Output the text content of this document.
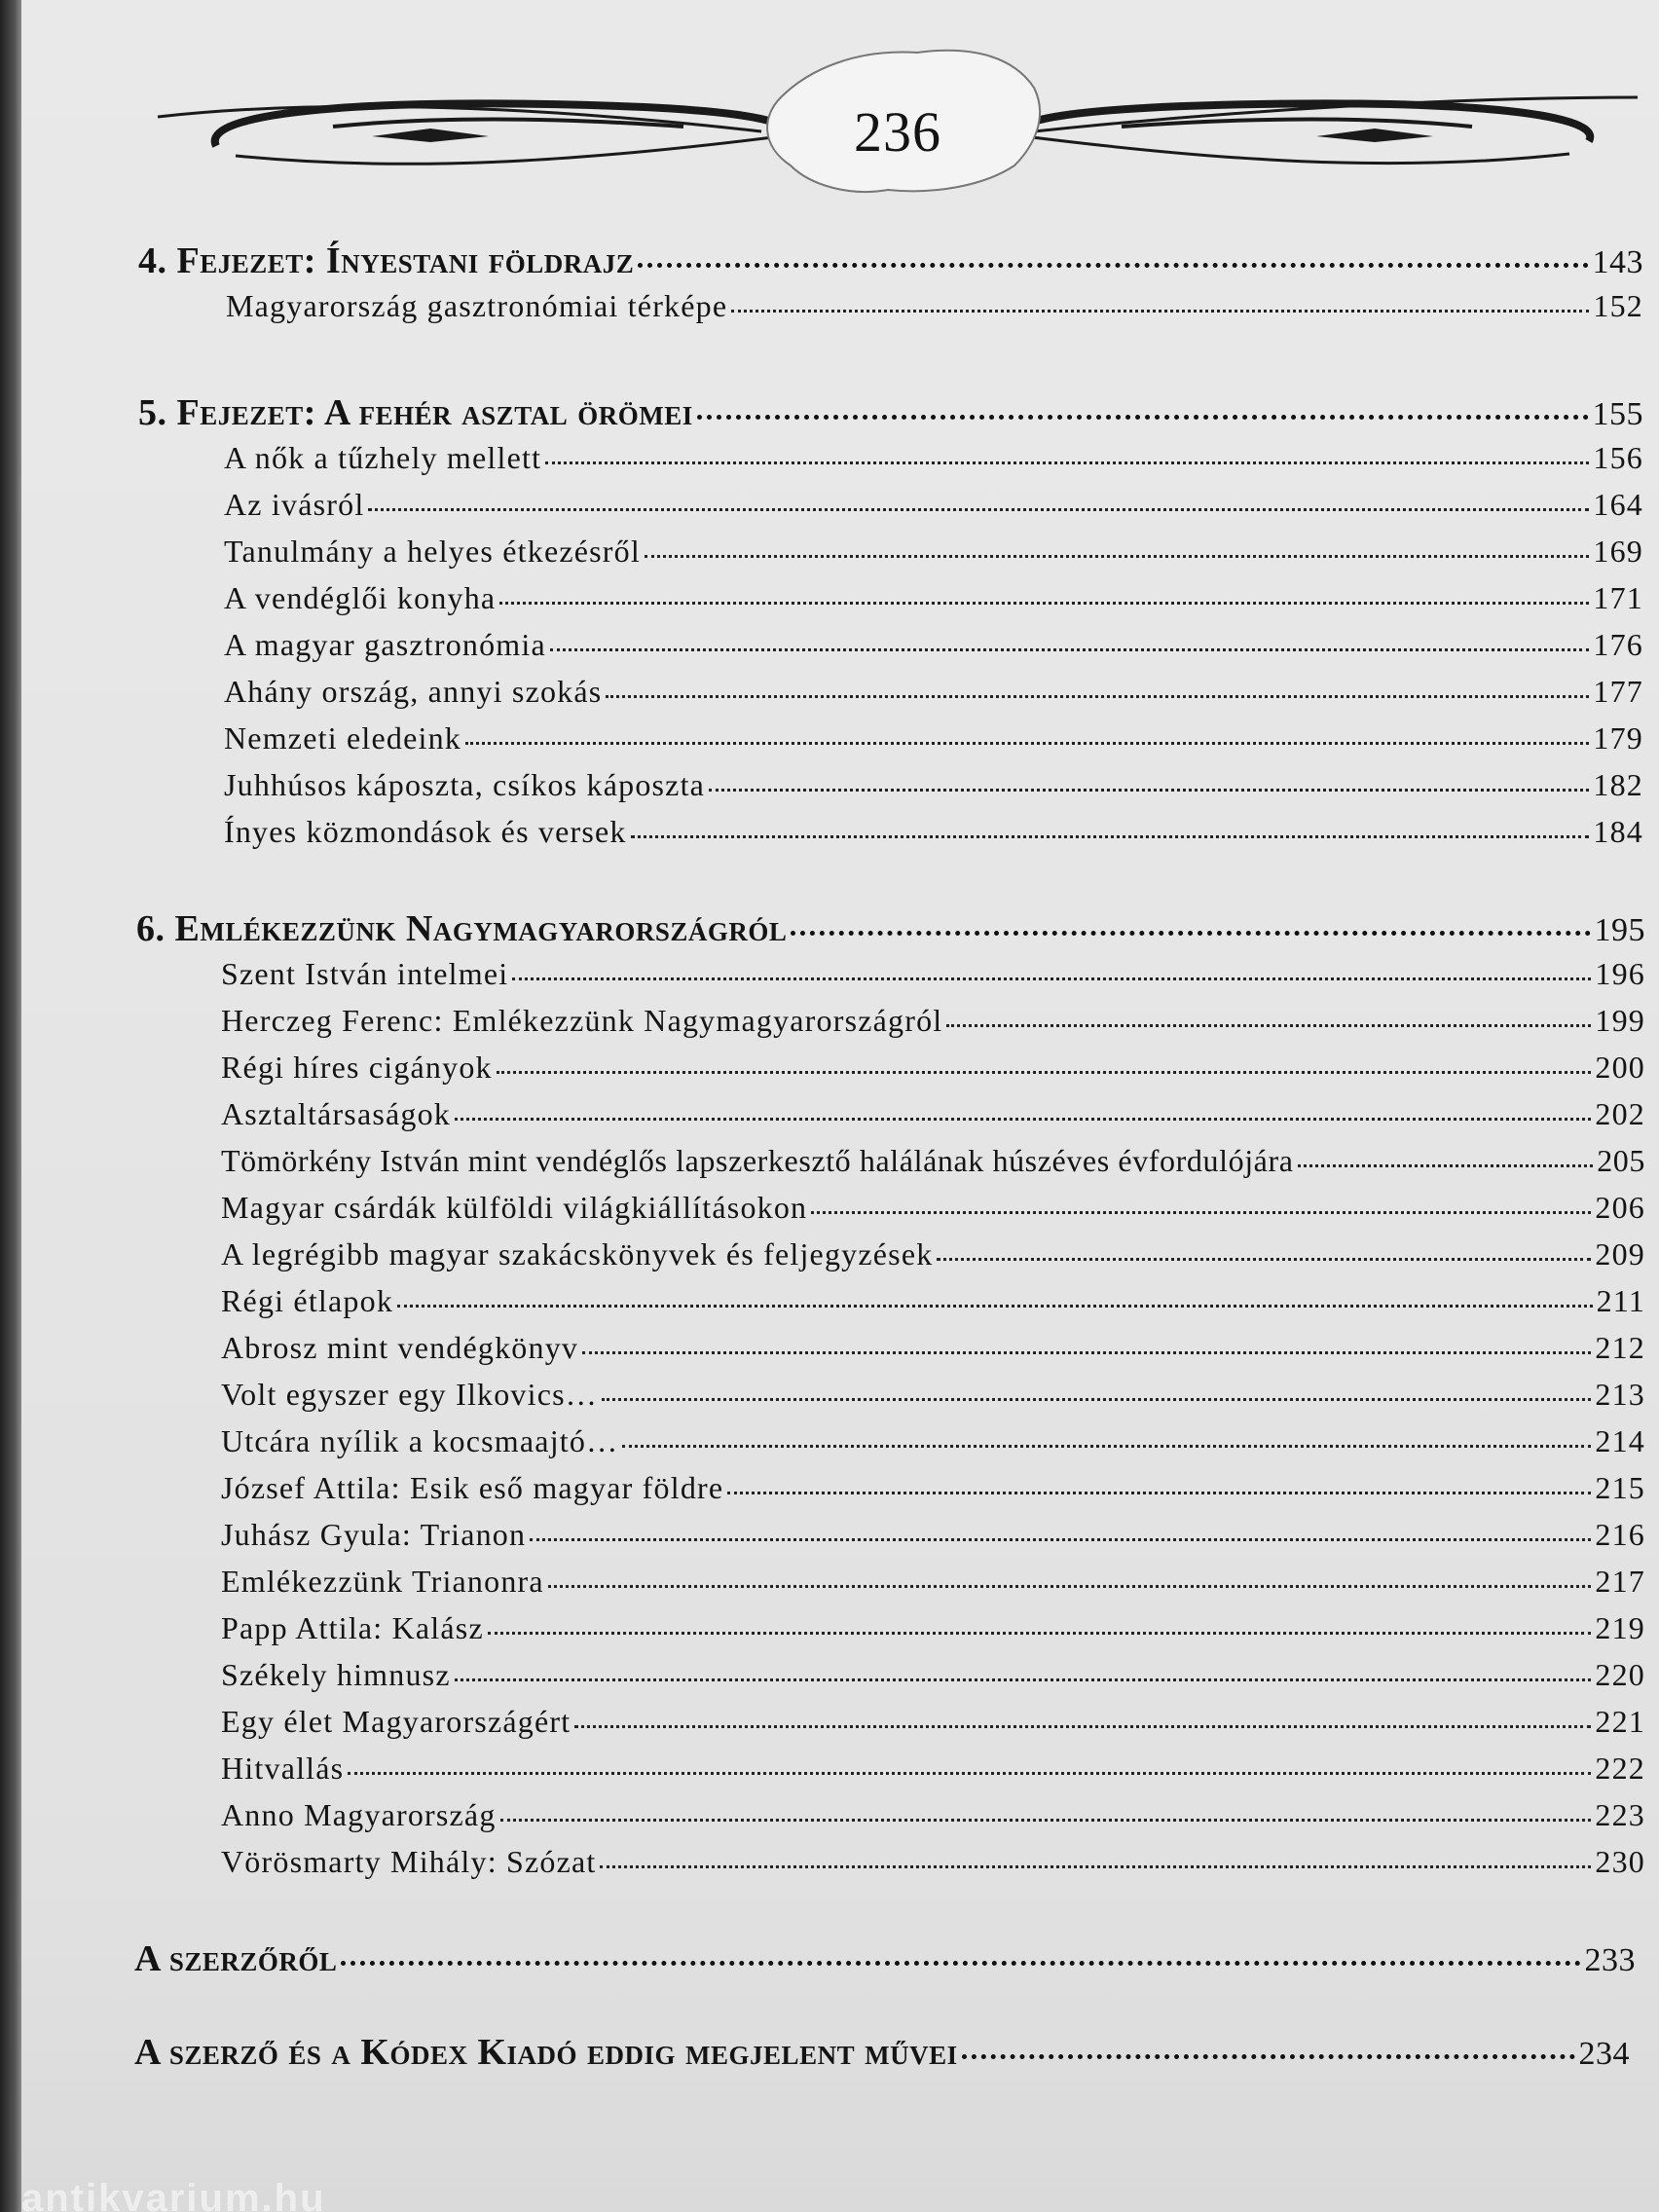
236
4. Fejezet: Ínyestani földrajz	143
Magyarország gasztronómiai térképe	152
5. Fejezet: A fehér asztal örömei	155
A nők a tűzhely mellett	156
Az ivásról	164
Tanulmány a helyes étkezésről	169
A vendéglői konyha	171
A magyar gasztronómia	176
Ahány ország, annyi szokás	177
Nemzeti eledeink	179
Juhhúsos káposzta, csíkos káposzta	182
Ínyes közmondások és versek	184
6. Emlékezzünk Nagymagyarországról	195
Szent István intelmei	196
Herczeg Ferenc: Emlékezzünk Nagymagyarországról	199
Régi híres cigányok	200
Asztaltársaságok	202
Tömörkény István mint vendéglős lapszerkesztő halálának húszéves évfordulójára	205
Magyar csárdák külföldi világkiállításokon	206
A legrégibb magyar szakácskönyvek és feljegyzések	209
Régi étlapok	211
Abrosz mint vendégkönyv	212
Volt egyszer egy Ilkovics…	213
Utcára nyílik a kocsmaajtó…	214
József Attila: Esik eső magyar földre	215
Juhász Gyula: Trianon	216
Emlékezzünk Trianonra	217
Papp Attila: Kalász	219
Székely himnusz	220
Egy élet Magyarországért	221
Hitvallás	222
Anno Magyarország	223
Vörösmarty Mihály: Szózat	230
A szerzőről	233
A szerző és a Kódex Kiadó eddig megjelent művei	234
antikvarium.hu
